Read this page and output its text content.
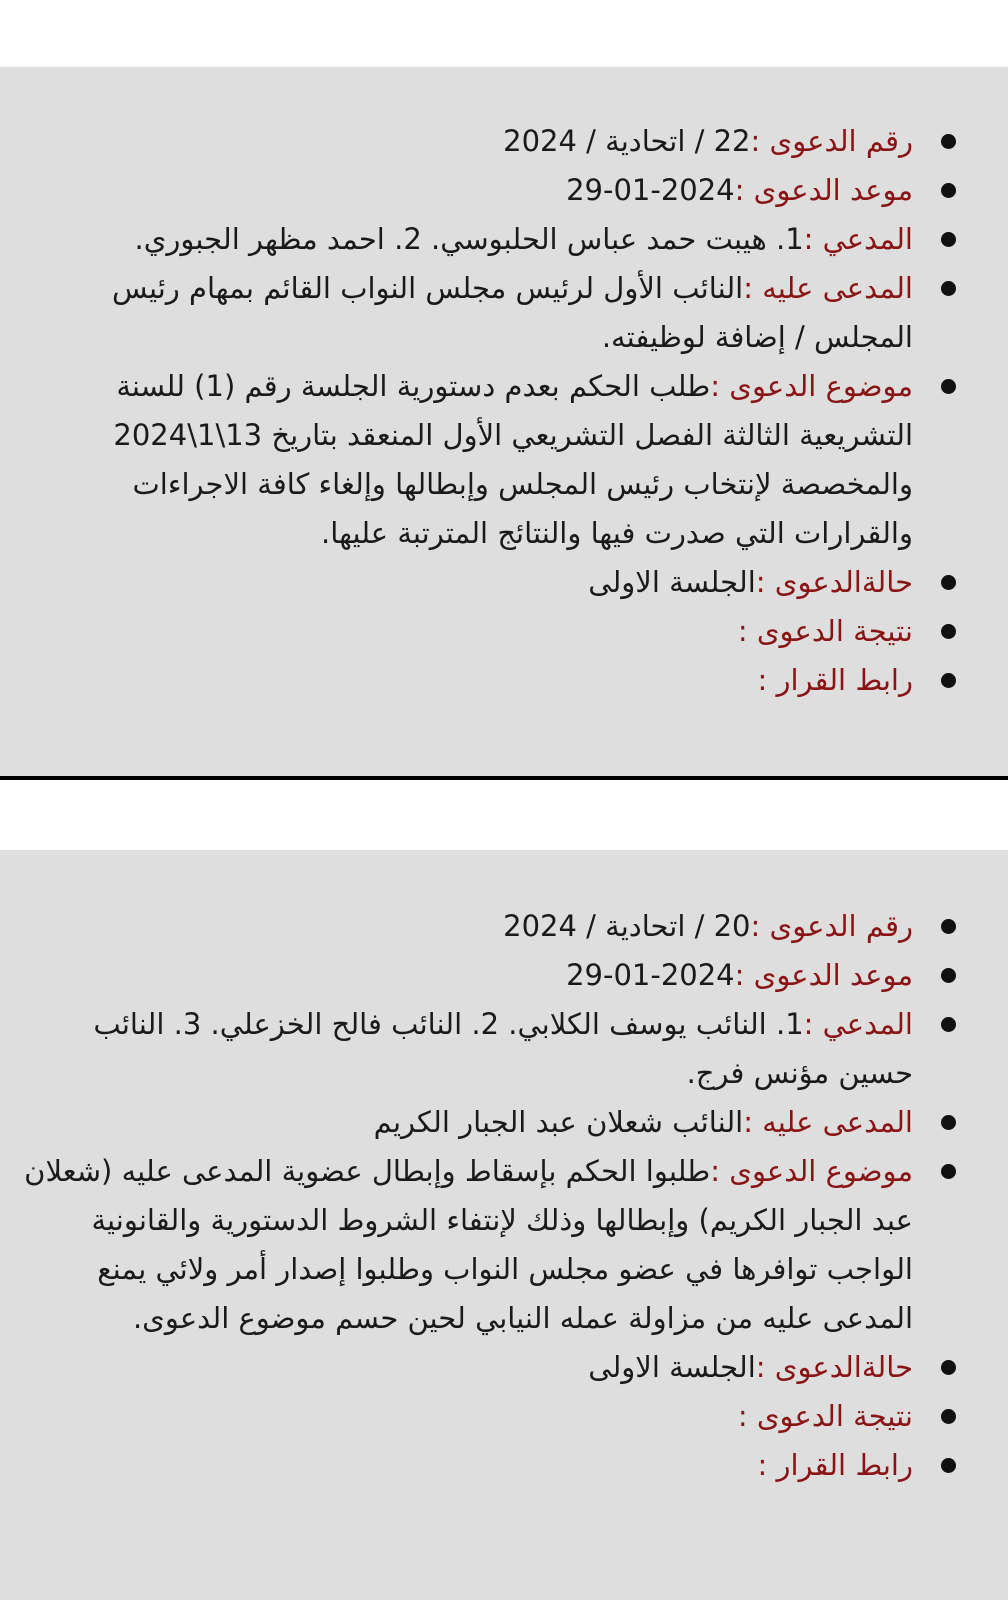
رقم الدعوى :22 / اتحادية / 2024
موعد الدعوى :2024-01-29
المدعي :1. هيبت حمد عباس الحلبوسي. 2. احمد مظهر الجبوري.
المدعى عليه :النائب الأول لرئيس مجلس النواب القائم بمهام رئيس المجلس / إضافة لوظيفته.
موضوع الدعوى :طلب الحكم بعدم دستورية الجلسة رقم (1) للسنة التشريعية الثالثة الفصل التشريعي الأول المنعقد بتاريخ 13\1\2024 والمخصصة لإنتخاب رئيس المجلس وإبطالها وإلغاء كافة الاجراءات والقرارات التي صدرت فيها والنتائج المترتبة عليها.
حالةالدعوى :الجلسة الاولى
نتيجة الدعوى :
رابط القرار :
رقم الدعوى :20 / اتحادية / 2024
موعد الدعوى :2024-01-29
المدعي :1. النائب يوسف الكلابي. 2. النائب فالح الخزعلي. 3. النائب حسين مؤنس فرج.
المدعى عليه :النائب شعلان عبد الجبار الكريم
موضوع الدعوى :طلبوا الحكم بإسقاط وإبطال عضوية المدعى عليه (شعلان عبد الجبار الكريم) وإبطالها وذلك لإنتفاء الشروط الدستورية والقانونية الواجب توافرها في عضو مجلس النواب وطلبوا إصدار أمر ولائي يمنع المدعى عليه من مزاولة عمله النيابي لحين حسم موضوع الدعوى.
حالةالدعوى :الجلسة الاولى
نتيجة الدعوى :
رابط القرار :
